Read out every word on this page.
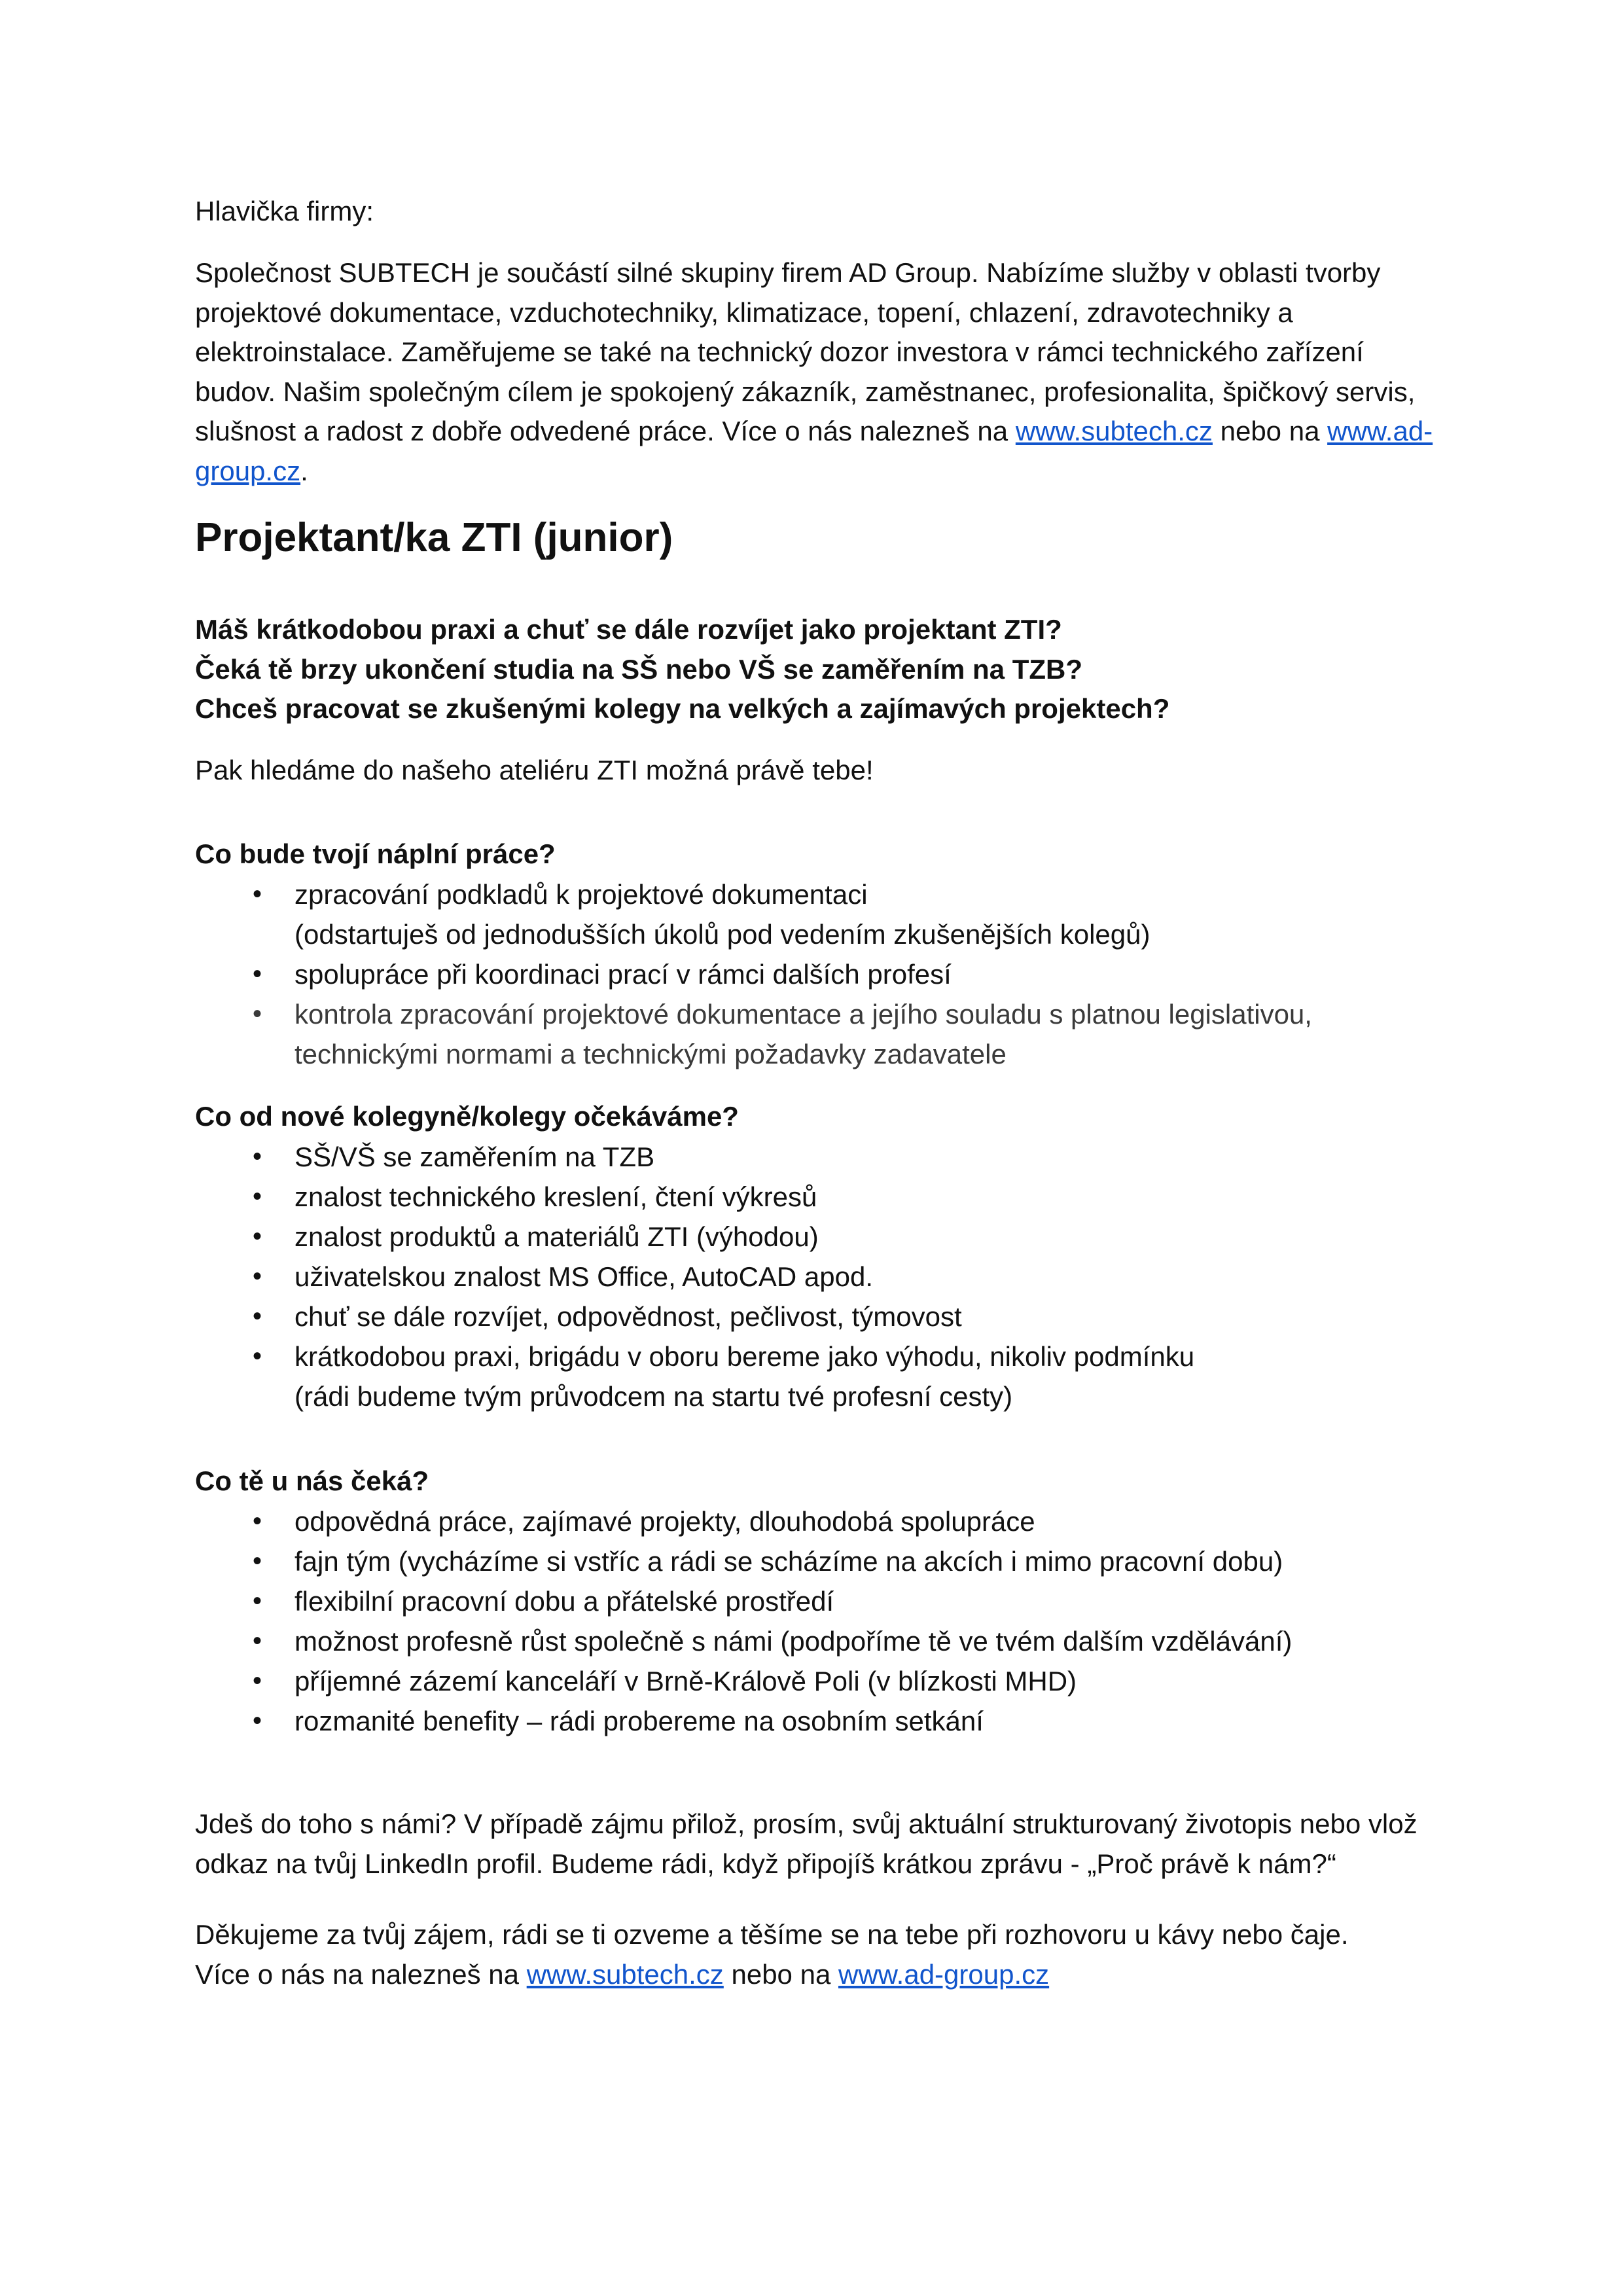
Hlavička firmy:

Společnost SUBTECH je součástí silné skupiny firem AD Group. Nabízíme služby v oblasti tvorby
projektové dokumentace, vzduchotechniky, klimatizace, topení, chlazení, zdravotechniky a
elektroinstalace. Zaměřujeme se také na technický dozor investora v rámci technického zařízení
budov. Našim společným cílem je spokojený zákazník, zaměstnanec, profesionalita, špičkový servis,
slušnost a radost z dobře odvedené práce. Více o nás nalezneš na www.subtech.cz nebo na www.ad-
group.cz.
Projektant/ka ZTI (junior)
Máš krátkodobou praxi a chuť se dále rozvíjet jako projektant ZTI?
Čeká tě brzy ukončení studia na SŠ nebo VŠ se zaměřením na TZB?
Chceš pracovat se zkušenými kolegy na velkých a zajímavých projektech?

Pak hledáme do našeho ateliéru ZTI možná právě tebe!

Co bude tvojí náplní práce?

• zpracování podkladů k projektové dokumentaci
(odstartuješ od jednodušších úkolů pod vedením zkušenějších kolegů)
• spolupráce při koordinaci prací v rámci dalších profesí
• kontrola zpracování projektové dokumentace a jejího souladu s platnou legislativou,
technickými normami a technickými požadavky zadavatele

Co od nové kolegyně/kolegy očekáváme?

• SŠ/VŠ se zaměřením na TZB
• znalost technického kreslení, čtení výkresů
• znalost produktů a materiálů ZTI (výhodou)
• uživatelskou znalost MS Office, AutoCAD apod.
• chuť se dále rozvíjet, odpovědnost, pečlivost, týmovost
• krátkodobou praxi, brigádu v oboru bereme jako výhodu, nikoliv podmínku
(rádi budeme tvým průvodcem na startu tvé profesní cesty)

Co tě u nás čeká?

• odpovědná práce, zajímavé projekty, dlouhodobá spolupráce
• fajn tým (vycházíme si vstříc a rádi se scházíme na akcích i mimo pracovní dobu)
• flexibilní pracovní dobu a přátelské prostředí
• možnost profesně růst společně s námi (podpoříme tě ve tvém dalším vzdělávání)
• příjemné zázemí kanceláří v Brně-Králově Poli (v blízkosti MHD)
• rozmanité benefity – rádi probereme na osobním setkání
Jdeš do toho s námi? V případě zájmu přilož, prosím, svůj aktuální strukturovaný životopis nebo vlož
odkaz na tvůj LinkedIn profil. Budeme rádi, když připojíš krátkou zprávu - „Proč právě k nám?“
Děkujeme za tvůj zájem, rádi se ti ozveme a těšíme se na tebe při rozhovoru u kávy nebo čaje.
Více o nás na nalezneš na www.subtech.cz nebo na www.ad-group.cz
